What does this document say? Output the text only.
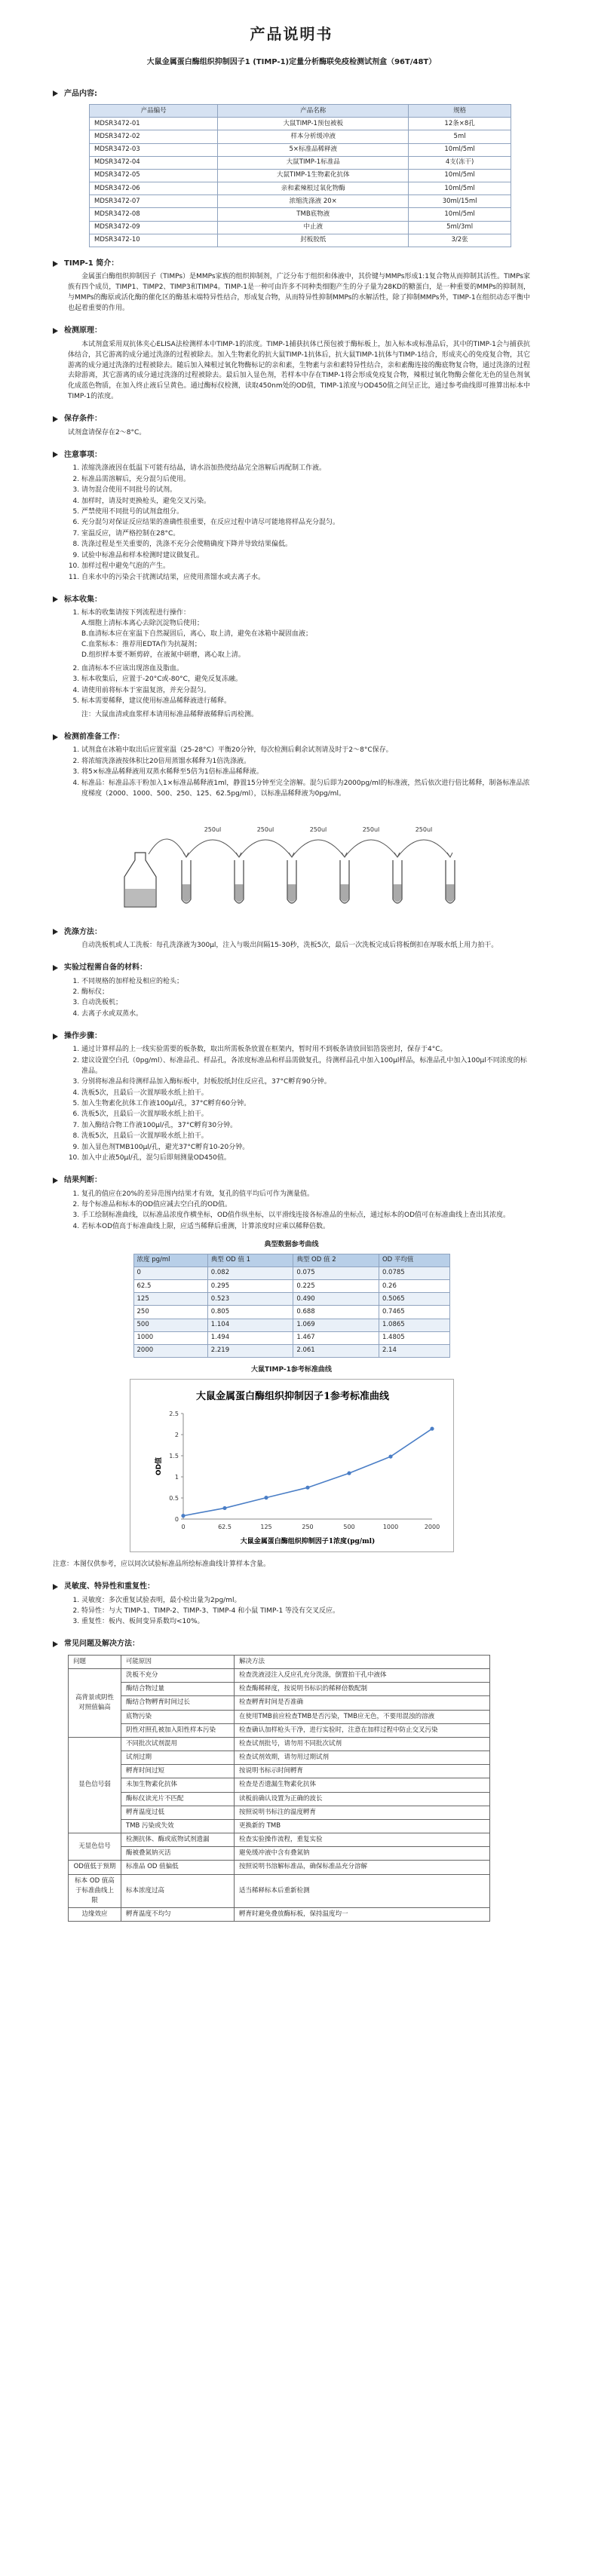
产品说明书
大鼠金属蛋白酶组织抑制因子1 (TIMP-1)定量分析酶联免疫检测试剂盒（96T/48T）
产品内容:
产品编号	产品名称	规格
MDSR3472-01	大鼠TIMP-1预包被板	12条×8孔
MDSR3472-02	样本分析缓冲液	5ml
MDSR3472-03	5×标准品稀释液	10ml/5ml
MDSR3472-04	大鼠TIMP-1标准品	4支(冻干)
MDSR3472-05	大鼠TIMP-1生物素化抗体	10ml/5ml
MDSR3472-06	亲和素辣根过氧化物酶	10ml/5ml
MDSR3472-07	浓缩洗涤液 20×	30ml/15ml
MDSR3472-08	TMB底物液	10ml/5ml
MDSR3472-09	中止液	5ml/3ml
MDSR3472-10	封板胶纸	3/2张
TIMP-1 简介：

金属蛋白酶组织抑制因子（TIMPs）是MMPs家族的组织抑制剂，广泛分布于组织和体液中，其价键与MMPs形成1:1复合物从而抑制其活性。TIMPs家族有四个成员，TIMP1、TIMP2、TIMP3和TIMP4。TIMP-1是一种可由许多不同种类细胞产生的分子量为28KD的糖蛋白，是一种重要的MMPs的抑制剂，与MMPs的酶原或活化酶的催化区的酶基末端特异性结合，形成复合物，从而特异性抑制MMPs的水解活性，除了抑制MMPs外，TIMP-1在组织动态平衡中也起着重要的作用。

检测原理：

本试剂盒采用双抗体夹心ELISA法检测样本中TIMP-1的浓度。TIMP-1捕获抗体已预包被于酶标板上，加入标本或标准品后，其中的TIMP-1会与捕获抗体结合，其它游离的成分通过洗涤的过程被除去。加入生物素化的抗大鼠TIMP-1抗体后，抗大鼠TIMP-1抗体与TIMP-1结合，形成夹心的免疫复合物，其它游离的成分通过洗涤的过程被除去。随后加入辣根过氧化物酶标记的亲和素，生物素与亲和素特异性结合，亲和素酶连接的酶底物复合物，通过洗涤的过程去除游离，其它游离的成分通过洗涤的过程被除去。最后加入显色剂，若样本中存在TIMP-1将会形成免疫复合物，辣根过氧化物酶会催化无色的显色剂氧化成蓝色物质，在加入终止液后呈黄色。通过酶标仪检测，读取450nm处的OD值，TIMP-1浓度与OD450值之间呈正比，通过参考曲线即可推算出标本中TIMP-1的浓度。

保存条件：
试剂盒请保存在2～8°C。
注意事项：
1. 浓缩洗涤液因在低温下可能有结晶，请水浴加热使结晶完全溶解后再配制工作液。
2. 标准品需溶解后，充分混匀后使用。
3. 请勿混合使用不同批号的试剂。
4. 加样时，请及时更换枪头，避免交叉污染。
5. 严禁使用不同批号的试剂盒组分。
6. 充分混匀对保证反应结果的准确性很重要，在反应过程中请尽可能地将样品充分混匀。
7. 室温反应，请严格控制在28°C。
8. 洗涤过程是至关重要的，洗涤不充分会使精确度下降并导致结果偏低。
9. 试验中标准品和样本检测时建议做复孔。
10. 加样过程中避免气泡的产生。
11. 自来水中的污染会干扰测试结果，应使用蒸馏水或去离子水。
标本收集：
1. 标本的收集请按下列流程进行操作：
A.细胞上清标本离心去除沉淀物后使用；
B.血清标本应在室温下自然凝固后，离心，取上清，避免在冰箱中凝固血液；
C.血浆标本：推荐用EDTA作为抗凝剂；
D.组织样本要不断剪碎，在液氮中研磨，离心取上清。
2. 血清标本不应该出现溶血及脂血。
3. 标本收集后，应置于-20°C或-80°C，避免反复冻融。
4. 请使用前将标本于室温复溶，并充分混匀。
5. 标本需要稀释，建议使用标准品稀释液进行稀释。
注：大鼠血清或血浆样本请用标准品稀释液稀释后再检测。
检测前准备工作：
1. 试剂盒在冰箱中取出后应置室温（25-28°C）平衡20分钟，每次检测后剩余试剂请及时于2～8°C保存。
2. 将浓缩洗涤液按体积比20倍用蒸馏水稀释为1倍洗涤液。
3. 将5×标准品稀释液用双蒸水稀释至5倍为1倍标准品稀释液。
4. 标准品：标准品冻干粉加入1×标准品稀释液1ml，静置15分钟至完全溶解。混匀后即为2000pg/ml的标准液，然后依次进行倍比稀释，制备标准品浓度梯度（2000、1000、500、250、125、62.5pg/ml），以标准品稀释液为0pg/ml。
250ul	250ul	250ul	250ul	250ul
洗涤方法：

自动洗板机或人工洗板：每孔洗涤液为300μl，注入与吸出间隔15-30秒，洗板5次，最后一次洗板完成后将板倒扣在厚吸水纸上用力拍干。

实验过程需自备的材料：
1. 不同规格的加样枪及相应的枪头；
2. 酶标仪；
3. 自动洗板机；
4. 去离子水或双蒸水。
操作步骤：
1. 通过计算样品的上一线实验需要的板条数，取出所需板条放置在框架内，暂时用不到板条请放回铝箔袋密封，保存于4°C。
2. 建议设置空白孔（0pg/ml）、标准品孔、样品孔，各浓度标准品和样品需做复孔，待测样品孔中加入100μl样品，标准品孔中加入100μl不同浓度的标准品。
3. 分别将标准品和待测样品加入酶标板中，封板胶纸封住反应孔，37°C孵育90分钟。
4. 洗板5次，且最后一次置厚吸水纸上拍干。
5. 加入生物素化抗体工作液100μl/孔，37°C孵育60分钟。
6. 洗板5次，且最后一次置厚吸水纸上拍干。
7. 加入酶结合物工作液100μl/孔，37°C孵育30分钟。
8. 洗板5次，且最后一次置厚吸水纸上拍干。
9. 加入显色剂TMB100μl/孔，避光37°C孵育10-20分钟。
10. 加入中止液50μl/孔，混匀后即刻测量OD450值。
结果判断：
1. 复孔的值应在20%的差异范围内结果才有效，复孔的值平均后可作为测量值。
2. 每个标准品和标本的OD值应减去空白孔的OD值。
3. 手工绘制标准曲线，以标准品浓度作横坐标，OD值作纵坐标，以平滑线连接各标准品的坐标点，通过标本的OD值可在标准曲线上查出其浓度。
4. 若标本OD值高于标准曲线上限，应适当稀释后重测，计算浓度时应乘以稀释倍数。
典型数据参考曲线
浓度 pg/ml	典型 OD 值 1	典型 OD 值 2	OD 平均值
0	0.082	0.075	0.0785
62.5	0.295	0.225	0.26
125	0.523	0.490	0.5065
250	0.805	0.688	0.7465
500	1.104	1.069	1.0865
1000	1.494	1.467	1.4805
2000	2.219	2.061	2.14
大鼠TIMP-1参考标准曲线
大鼠金属蛋白酶组织抑制因子1参考标准曲线
0
0.5
1
1.5
2
2.5
0	62.5	125	250	500	1000	2000
OD值
大鼠金属蛋白酶组织抑制因子1浓度(pg/ml)
注意：本图仅供参考，应以同次试验标准品所绘标准曲线计算样本含量。
灵敏度、特异性和重复性：
1. 灵敏度：多次重复试验表明，最小检出量为2pg/ml。
2. 特异性：与大 TIMP-1、TIMP-2、TIMP-3、TIMP-4 和小鼠 TIMP-1 等没有交叉反应。
3. 重复性：板内、板间变异系数均<10%。
常见问题及解决方法：
问题	可能原因	解决方法
高背景或阴性对照值偏高	洗板不充分	检查洗液浸注入反应孔充分洗涤，倒置拍干孔中液体
	酶结合物过量	检查酶稀释度，按说明书标识的稀释倍数配制
	酶结合物孵育时间过长	检查孵育时间是否准确
	底物污染	在使用TMB前应检查TMB是否污染，TMB应无色，不要用混浊的溶液
	阴性对照孔被加入阳性样本污染	检查确认加样枪头干净，进行实验时，注意在加样过程中防止交叉污染
显色信号弱	不同批次试剂混用	检查试剂批号，请勿用不同批次试剂
	试剂过期	检查试剂效期，请勿用过期试剂
	孵育时间过短	按说明书标示时间孵育
	未加生物素化抗体	检查是否遗漏生物素化抗体
	酶标仪读光片不匹配	读板前确认设置为正确的波长
	孵育温度过低	按照说明书标注的温度孵育
	TMB 污染或失效	更换新的 TMB
无显色信号	检测抗体、酶或底物试剂遗漏	检查实验操作流程，重复实验
	酶被叠氮钠灭活	避免缓冲液中含有叠氮钠
OD值低于预期	标准品 OD 值偏低	按照说明书溶解标准品，确保标准品充分溶解
标本 OD 值高于标准曲线上限	标本浓度过高	适当稀释标本后重新检测
边缘效应	孵育温度不均匀	孵育时避免叠放酶标板，保持温度均一
